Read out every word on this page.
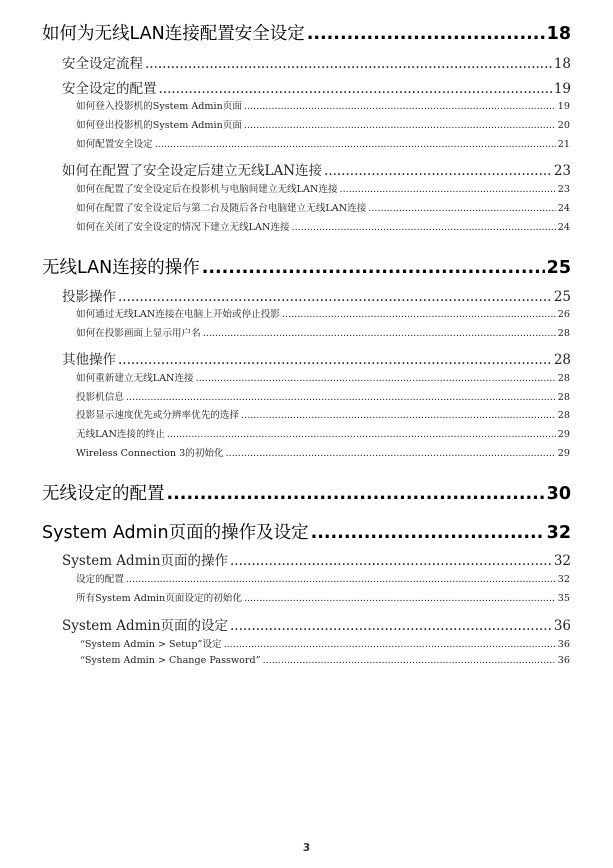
如何为无线LAN连接配置安全设定 .....	18
安全设定流程 .....	18
安全设定的配置 .....	19
如何登入投影机的System Admin页面 .....	19
如何登出投影机的System Admin页面 .....	20
如何配置安全设定 .....	21
如何在配置了安全设定后建立无线LAN连接 .....	23
如何在配置了安全设定后在投影机与电脑间建立无线LAN连接 .....	23
如何在配置了安全设定后与第二台及随后各台电脑建立无线LAN连接 .....	24
如何在关闭了安全设定的情况下建立无线LAN连接 .....	24
无线LAN连接的操作 .....	25
投影操作 .....	25
如何通过无线LAN连接在电脑上开始或停止投影 .....	26
如何在投影画面上显示用户名 .....	28
其他操作 .....	28
如何重新建立无线LAN连接 .....	28
投影机信息 .....	28
投影显示速度优先或分辨率优先的选择 .....	28
无线LAN连接的终止 .....	29
Wireless Connection 3的初始化 .....	29
无线设定的配置 .....	30
System Admin页面的操作及设定 .....	32
System Admin页面的操作 .....	32
设定的配置 .....	32
所有System Admin页面设定的初始化 .....	35
System Admin页面的设定 .....	36
“System Admin > Setup”设定 .....	36
“System Admin > Change Password” .....	36
3
